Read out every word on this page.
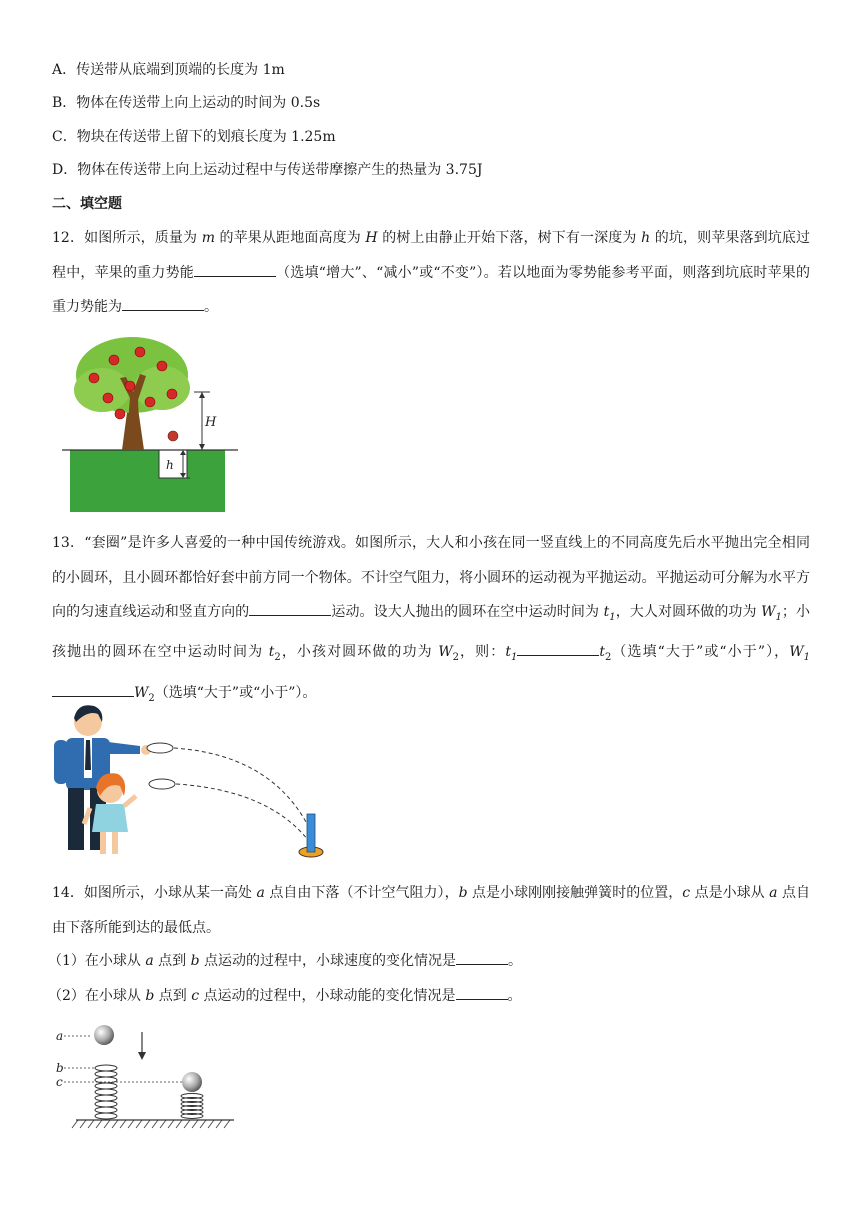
A．传送带从底端到顶端的长度为 1m
B．物体在传送带上向上运动的时间为 0.5s
C．物块在传送带上留下的划痕长度为 1.25m
D．物体在传送带上向上运动过程中与传送带摩擦产生的热量为 3.75J
二、填空题
12．如图所示，质量为 m 的苹果从距地面高度为 H 的树上由静止开始下落，树下有一深度为 h 的坑，则苹果落到坑底过程中，苹果的重力势能	（选填“增大”、“减小”或“不变”）。若以地面为零势能参考平面，则落到坑底时苹果的重力势能为	。
H
h
13．“套圈”是许多人喜爱的一种中国传统游戏。如图所示，大人和小孩在同一竖直线上的不同高度先后水平抛出完全相同的小圆环，且小圆环都恰好套中前方同一个物体。不计空气阻力，将小圆环的运动视为平抛运动。平抛运动可分解为水平方向的匀速直线运动和竖直方向的	运动。设大人抛出的圆环在空中运动时间为 $t_1$，大人对圆环做的功为 $W_1$；小孩抛出的圆环在空中运动时间为 $t_2$，小孩对圆环做的功为 $W_2$，则：$t_1$	$t_2$（选填“大于”或“小于”），$W_1W_2$（选填“大于”或“小于”）。
14．如图所示，小球从某一高处 a 点自由下落（不计空气阻力），b 点是小球刚刚接触弹簧时的位置，c 点是小球从 a 点自由下落所能到达的最低点。
（1）在小球从 a 点到 b 点运动的过程中，小球速度的变化情况是	。
（2）在小球从 b 点到 c 点运动的过程中，小球动能的变化情况是	。
a
b
c
